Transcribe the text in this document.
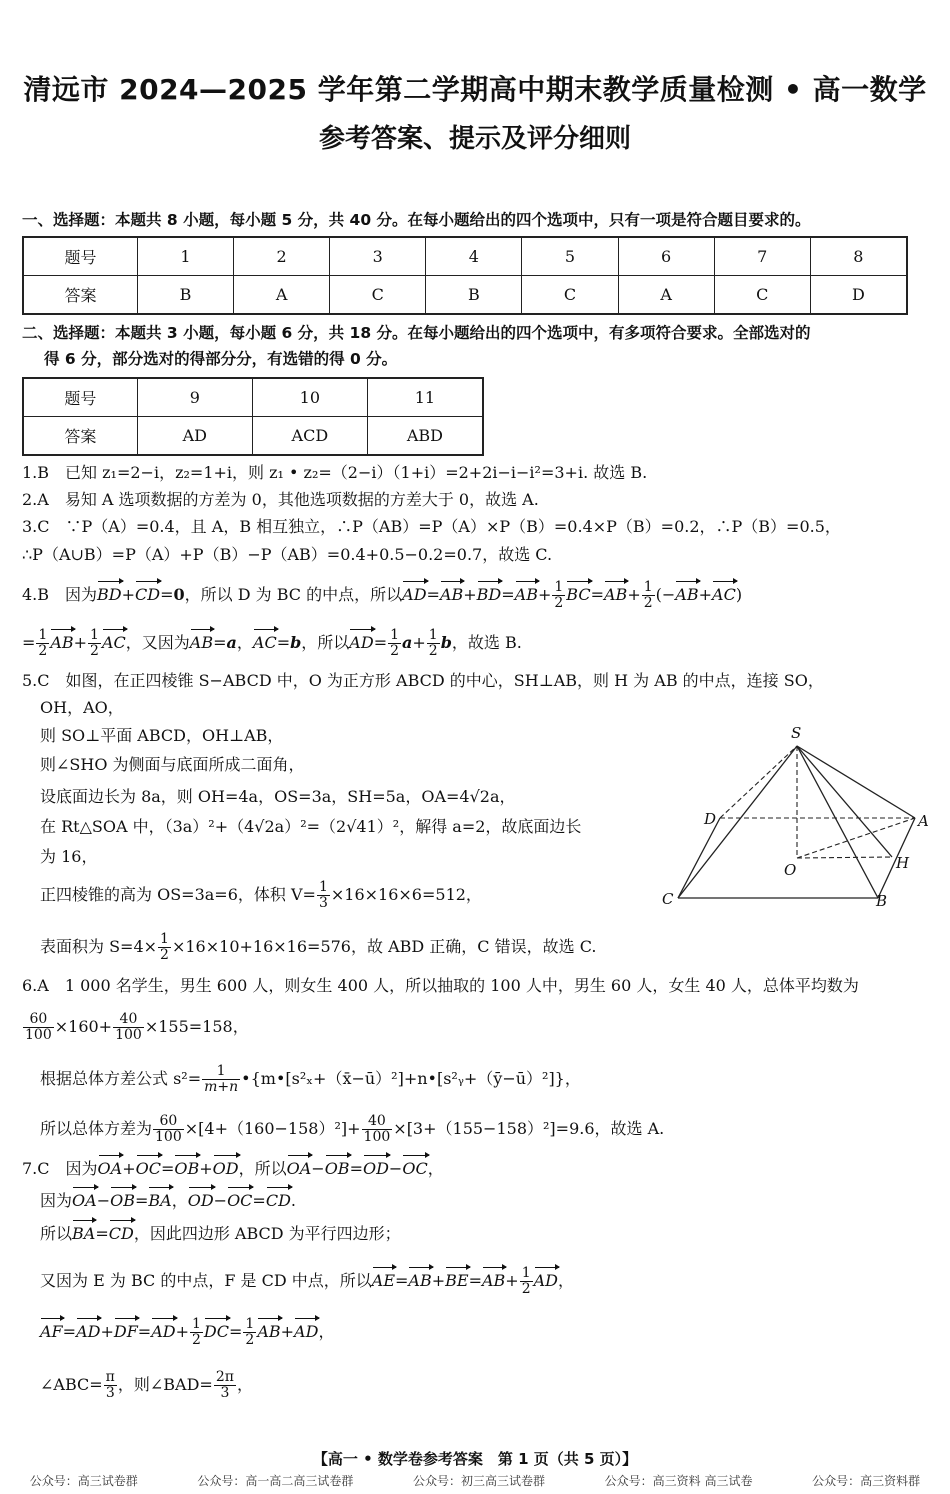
清远市 2024—2025 学年第二学期高中期末教学质量检测 • 高一数学
参考答案、提示及评分细则
一、选择题：本题共 8 小题，每小题 5 分，共 40 分。在每小题给出的四个选项中，只有一项是符合题目要求的。
题号	1	2	3	4	5	6	7	8
答案	B	A	C	B	C	A	C	D
二、选择题：本题共 3 小题，每小题 6 分，共 18 分。在每小题给出的四个选项中，有多项符合要求。全部选对的
得 6 分，部分选对的得部分分，有选错的得 0 分。
题号	9	10	11
答案	AD	ACD	ABD
1.B　已知 z₁=2−i，z₂=1+i，则 z₁ • z₂=（2−i）（1+i）=2+2i−i−i²=3+i. 故选 B.
2.A　易知 A 选项数据的方差为 0，其他选项数据的方差大于 0，故选 A.
3.C　∵P（A）=0.4，且 A，B 相互独立，∴P（AB）=P（A）×P（B）=0.4×P（B）=0.2，∴P（B）=0.5，
∴P（A∪B）=P（A）+P（B）−P（AB）=0.4+0.5−0.2=0.7，故选 C.
4.B　因为BD+CD=0，所以 D 为 BC 的中点，所以$AD=AB+BD=AB+ \frac{1}{2} BC=AB+ \frac{1}{2} (-AB+AC)$
= $\frac{1}{2} AB+ \frac{1}{2}$ AC，又因为AB=a，AC=b，所以$AD= \frac{1}{2} a+ \frac{1}{2}$ b，故选 B.
5.C　如图，在正四棱锥 S−ABCD 中，O 为正方形 ABCD 的中心，SH⊥AB，则 H 为 AB 的中点，连接 SO，
OH，AO，
则 SO⊥平面 ABCD，OH⊥AB，
则∠SHO 为侧面与底面所成二面角，
设底面边长为 8a，则 OH=4a，OS=3a，SH=5a，OA=4√2a，
在 Rt△SOA 中，（3a）²+（4√2a）²=（2√41）²，解得 a=2，故底面边长
为 16，
正四棱锥的高为 OS=3a=6，体积 $V= \frac{1}{3} \times 16\times 16\times 6=512$，
表面积为 $S=4\times \frac{1}{2} \times 16\times 10+16\times 16=576$，故 ABD 正确，C 错误，故选 C.
S
D	A
O	H
C	B
6.A　1 000 名学生，男生 600 人，则女生 400 人，所以抽取的 100 人中，男生 60 人，女生 40 人，总体平均数为
$\frac{60}{100} \times 160+ \frac{40}{100} \times 155=158$，
根据总体方差公式 $s^2= \frac{1}{m+n}$ •{m•[s²ₓ+（x̄−ū）²]+n•[s²ᵧ+（ȳ−ū）²]}，
所以总体方差为 $\frac{60}{100} \times[4+(160-158)^2]+ \frac{40}{100} \times[3+(155-158)^2]=9.6$，故选 A.
7.C　因为OA+OC=OB+OD，所以OA−OB=OD−OC，
因为OA−OB=BA，OD−OC=CD.
所以BA=CD，因此四边形 ABCD 为平行四边形；
又因为 E 为 BC 的中点，F 是 CD 中点，所以$AE=AB+BE=AB+ \frac{1}{2}$ AD，
$AF=AD+DF=AD+ \frac{1}{2} DC= \frac{1}{2} AB+AD$，
∠ABC= $\frac{\pi}{3}$ ，则∠BAD= $\frac{2\pi}{3}$ ，
【高一 • 数学卷参考答案　第 1 页（共 5 页）】
公众号：高三试卷群	公众号：高一高二高三试卷群	公众号：初三高三试卷群	公众号：高三资料 高三试卷	公众号：高三资料群
